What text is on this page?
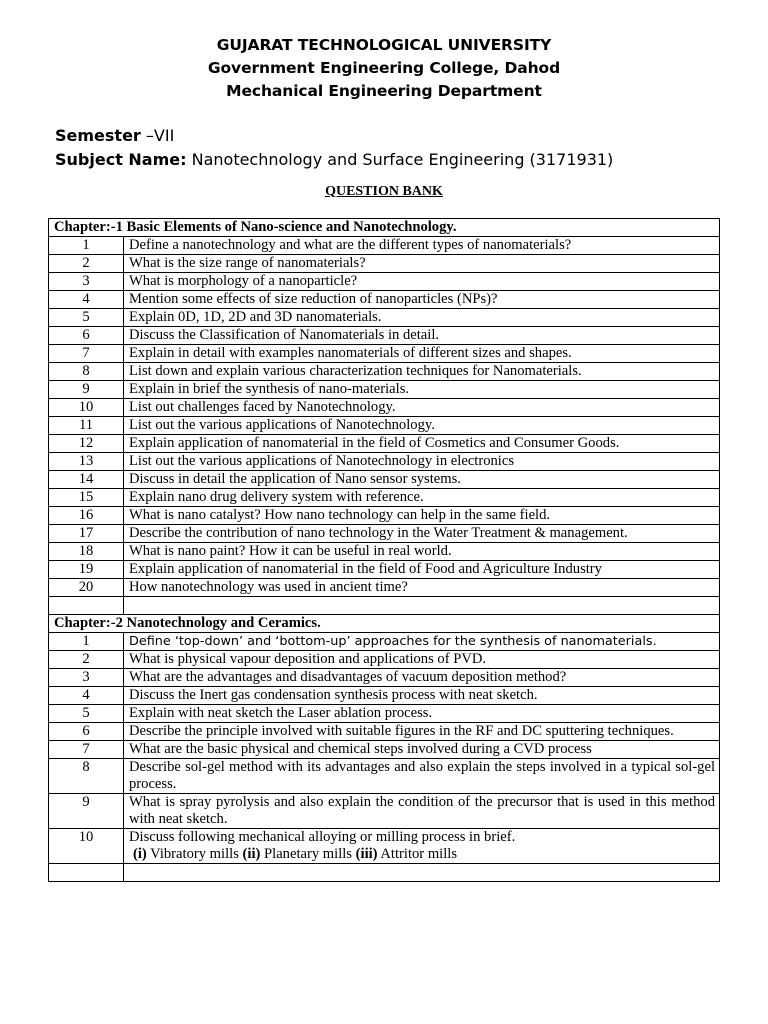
GUJARAT TECHNOLOGICAL UNIVERSITY
Government Engineering College, Dahod
Mechanical Engineering Department
Semester –VII
Subject Name: Nanotechnology and Surface Engineering (3171931)
QUESTION BANK
Chapter:-1 Basic Elements of Nano-science and Nanotechnology.	
1	Define a nanotechnology and what are the different types of nanomaterials?
2	What is the size range of nanomaterials?
3	What is morphology of a nanoparticle?
4	Mention some effects of size reduction of nanoparticles (NPs)?
5	Explain 0D, 1D, 2D and 3D nanomaterials.
6	Discuss the Classification of Nanomaterials in detail.
7	Explain in detail with examples nanomaterials of different sizes and shapes.
8	List down and explain various characterization techniques for Nanomaterials.
9	Explain in brief the synthesis of nano-materials.
10	List out challenges faced by Nanotechnology.
11	List out the various applications of Nanotechnology.
12	Explain application of nanomaterial in the field of Cosmetics and Consumer Goods.
13	List out the various applications of Nanotechnology in electronics
14	Discuss in detail the application of Nano sensor systems.
15	Explain nano drug delivery system with reference.
16	What is nano catalyst? How nano technology can help in the same field.
17	Describe the contribution of nano technology in the Water Treatment & management.
18	What is nano paint? How it can be useful in real world.
19	Explain application of nanomaterial in the field of Food and Agriculture Industry
20	How nanotechnology was used in ancient time?

Chapter:-2 Nanotechnology and Ceramics.	
1	Define ‘top-down’ and ‘bottom-up’ approaches for the synthesis of nanomaterials.
2	What is physical vapour deposition and applications of PVD.
3	What are the advantages and disadvantages of vacuum deposition method?
4	Discuss the Inert gas condensation synthesis process with neat sketch.
5	Explain with neat sketch the Laser ablation process.
6	Describe the principle involved with suitable figures in the RF and DC sputtering techniques.
7	What are the basic physical and chemical steps involved during a CVD process
8	Describe sol-gel method with its advantages and also explain the steps involved in a typical sol-gel process.
9	What is spray pyrolysis and also explain the condition of the precursor that is used in this method with neat sketch.
10	Discuss following mechanical alloying or milling process in brief.
(i) Vibratory mills (ii) Planetary mills (iii) Attritor mills
